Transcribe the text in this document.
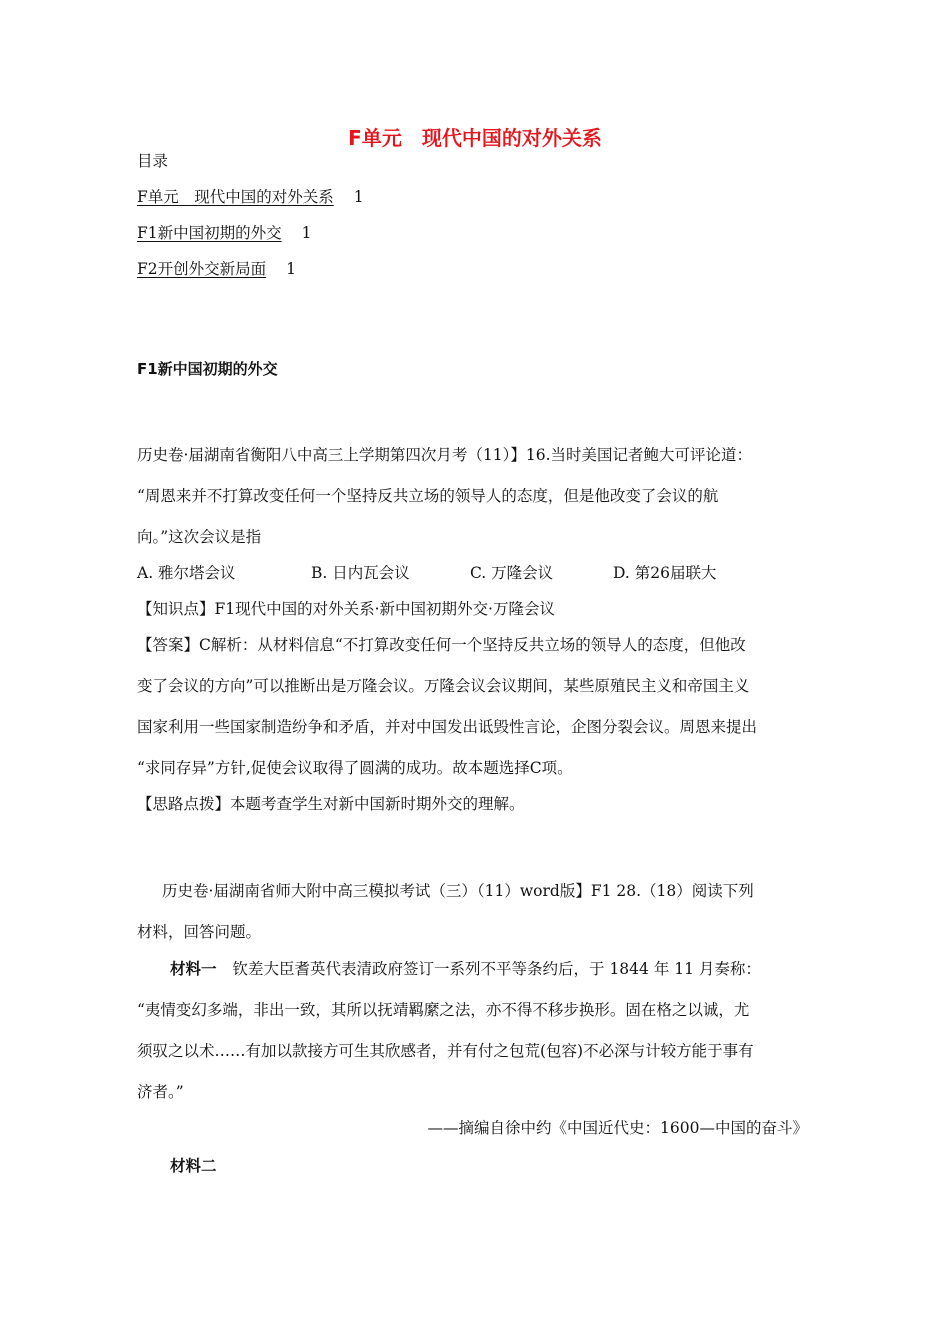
F单元　现代中国的对外关系
目录
F单元　现代中国的对外关系 1
F1新中国初期的外交 1
F2开创外交新局面 1
F1新中国初期的外交
历史卷·届湖南省衡阳八中高三上学期第四次月考（11）】16.当时美国记者鲍大可评论道：
“周恩来并不打算改变任何一个坚持反共立场的领导人的态度，但是他改变了会议的航
向。”这次会议是指
A. 雅尔塔会议	B. 日内瓦会议	C. 万隆会议	D. 第26届联大
【知识点】F1现代中国的对外关系·新中国初期外交·万隆会议
【答案】C解析：从材料信息“不打算改变任何一个坚持反共立场的领导人的态度，但他改
变了会议的方向”可以推断出是万隆会议。万隆会议会议期间，某些原殖民主义和帝国主义
国家利用一些国家制造纷争和矛盾，并对中国发出诋毁性言论，企图分裂会议。周恩来提出
“求同存异”方针,促使会议取得了圆满的成功。故本题选择C项。
【思路点拨】本题考查学生对新中国新时期外交的理解。
历史卷·届湖南省师大附中高三模拟考试（三）（11）word版】F1 28.（18）阅读下列
材料，回答问题。
材料一 钦差大臣耆英代表清政府签订一系列不平等条约后，于 1844 年 11 月奏称：
“夷情变幻多端，非出一致，其所以抚靖羁縻之法，亦不得不移步换形。固在格之以诚，尤
须驭之以术……有加以款接方可生其欣感者，并有付之包荒(包容)不必深与计较方能于事有
济者。”
——摘编自徐中约《中国近代史：1600—中国的奋斗》
材料二
